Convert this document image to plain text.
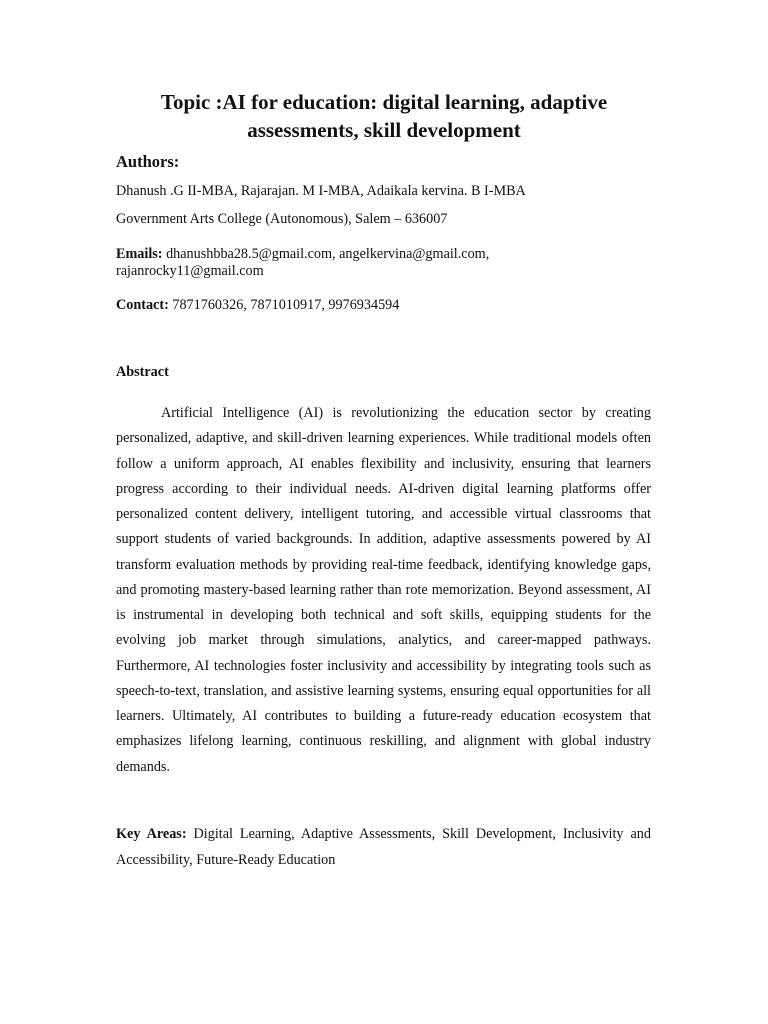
Topic :AI for education: digital learning, adaptive assessments, skill development
Authors:
Dhanush .G II-MBA, Rajarajan. M I-MBA, Adaikala kervina. B I-MBA
Government Arts College (Autonomous), Salem – 636007
Emails: dhanushbba28.5@gmail.com, angelkervina@gmail.com,
rajanrocky11@gmail.com
Contact: 7871760326, 7871010917, 9976934594
Abstract

Artificial Intelligence (AI) is revolutionizing the education sector by creating personalized, adaptive, and skill-driven learning experiences. While traditional models often follow a uniform approach, AI enables flexibility and inclusivity, ensuring that learners progress according to their individual needs. AI-driven digital learning platforms offer personalized content delivery, intelligent tutoring, and accessible virtual classrooms that support students of varied backgrounds. In addition, adaptive assessments powered by AI transform evaluation methods by providing real-time feedback, identifying knowledge gaps, and promoting mastery-based learning rather than rote memorization. Beyond assessment, AI is instrumental in developing both technical and soft skills, equipping students for the evolving job market through simulations, analytics, and career-mapped pathways. Furthermore, AI technologies foster inclusivity and accessibility by integrating tools such as speech-to-text, translation, and assistive learning systems, ensuring equal opportunities for all learners. Ultimately, AI contributes to building a future-ready education ecosystem that emphasizes lifelong learning, continuous reskilling, and alignment with global industry demands.

Key Areas: Digital Learning, Adaptive Assessments, Skill Development, Inclusivity and Accessibility, Future-Ready Education
